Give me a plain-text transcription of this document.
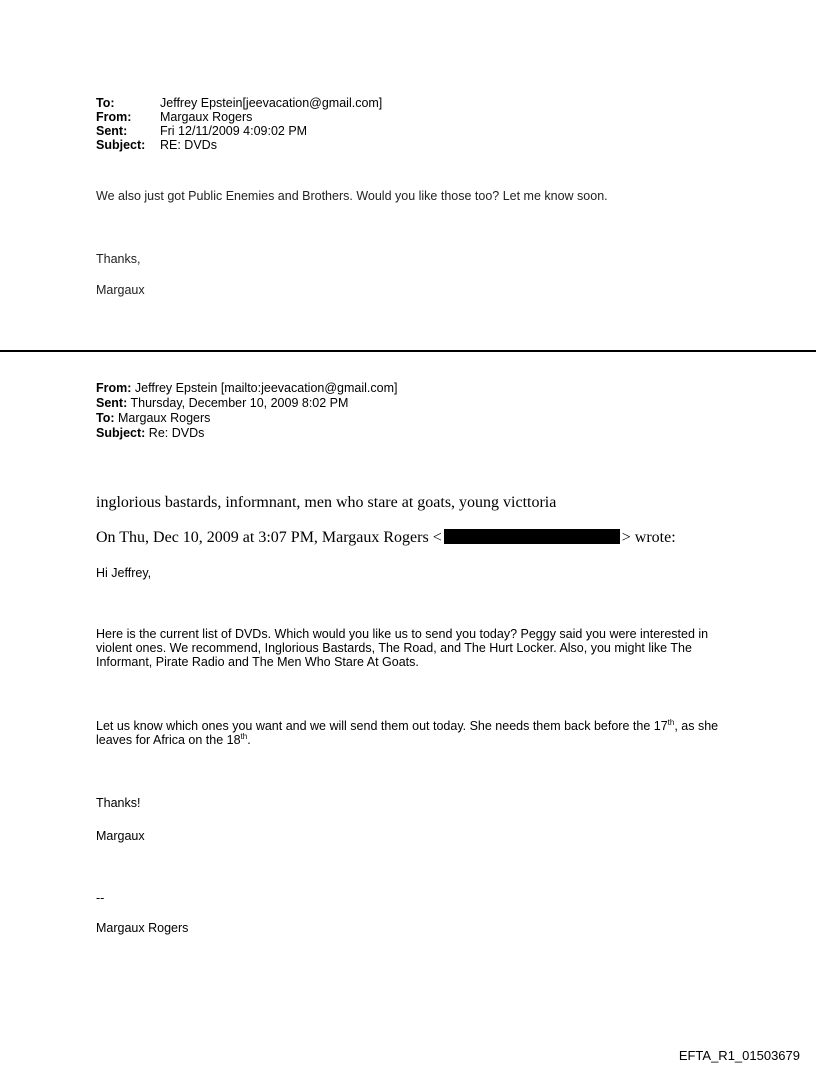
To:	Jeffrey Epstein[jeevacation@gmail.com]
From:	Margaux Rogers
Sent:	Fri 12/11/2009 4:09:02 PM
Subject:	RE: DVDs
We also just got Public Enemies and Brothers. Would you like those too? Let me know soon.
Thanks,
Margaux
From: Jeffrey Epstein [mailto:jeevacation@gmail.com]
Sent: Thursday, December 10, 2009 8:02 PM
To: Margaux Rogers
Subject: Re: DVDs
inglorious bastards, informnant, men who stare at goats, young victtoria
On Thu, Dec 10, 2009 at 3:07 PM, Margaux Rogers <	> wrote:
Hi Jeffrey,
Here is the current list of DVDs. Which would you like us to send you today? Peggy said you were interested in violent ones. We recommend, Inglorious Bastards, The Road, and The Hurt Locker. Also, you might like The Informant, Pirate Radio and The Men Who Stare At Goats.
Let us know which ones you want and we will send them out today. She needs them back before the 17th, as she leaves for Africa on the 18th.
Thanks!
Margaux
--
Margaux Rogers
EFTA_R1_01503679
